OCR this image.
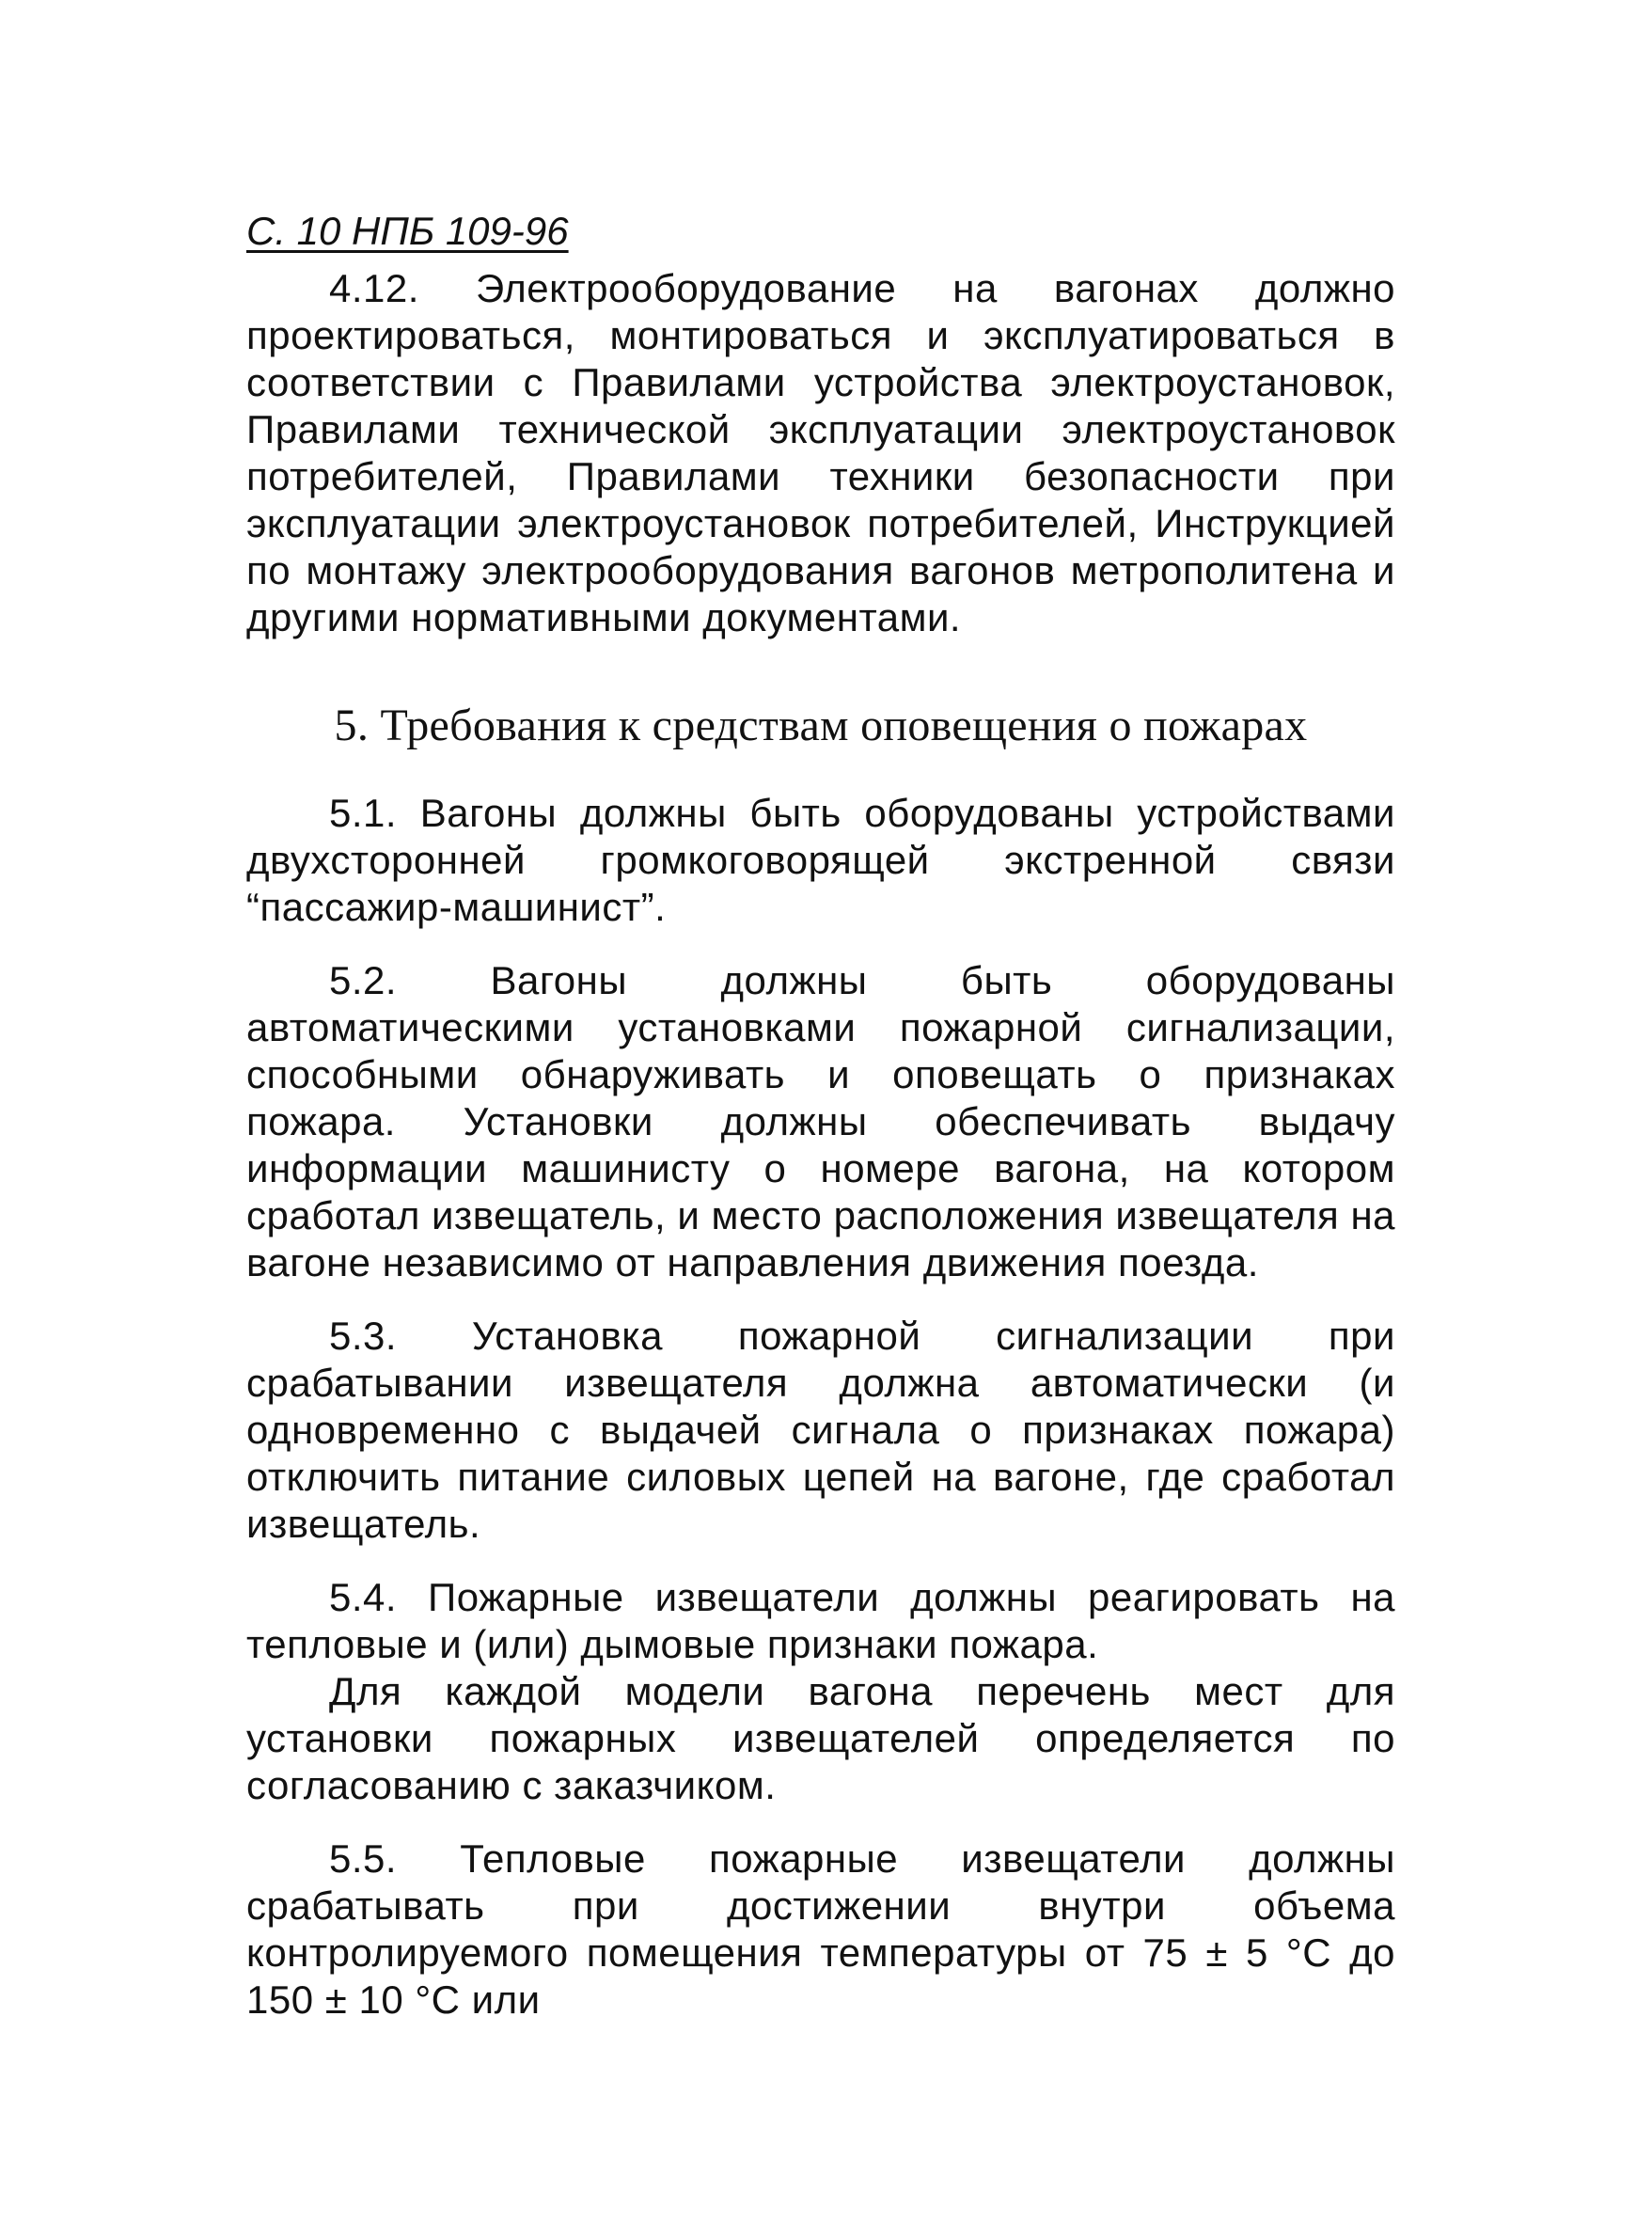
С. 10 НПБ 109-96

4.12. Электрооборудование на вагонах должно проектироваться, монтироваться и эксплуатироваться в соответствии с Правилами устройства электроустановок, Правилами технической эксплуатации электроустановок потребителей, Правилами техники безопасности при эксплуатации электроустановок потребителей, Инструкцией по монтажу электрооборудования вагонов метрополитена и другими нормативными документами.

5. Требования к средствам оповещения о пожарах

5.1. Вагоны должны быть оборудованы устройствами двухсторонней громкоговорящей экстренной связи “пассажир-машинист”.

5.2. Вагоны должны быть оборудованы автоматическими установками пожарной сигнализации, способными обнаруживать и оповещать о признаках пожара. Установки должны обеспечивать выдачу информации машинисту о номере вагона, на котором сработал извещатель, и место расположения извещателя на вагоне независимо от направления движения поезда.

5.3. Установка пожарной сигнализации при срабатывании извещателя должна автоматически (и одновременно с выдачей сигнала о признаках пожара) отключить питание силовых цепей на вагоне, где сработал извещатель.

5.4. Пожарные извещатели должны реагировать на тепловые и (или) дымовые признаки пожара.

Для каждой модели вагона перечень мест для установки пожарных извещателей определяется по согласованию с заказчиком.

5.5. Тепловые пожарные извещатели должны срабатывать при достижении внутри объема контролируемого помещения температуры от 75 ± 5 °С до 150 ± 10 °С или
